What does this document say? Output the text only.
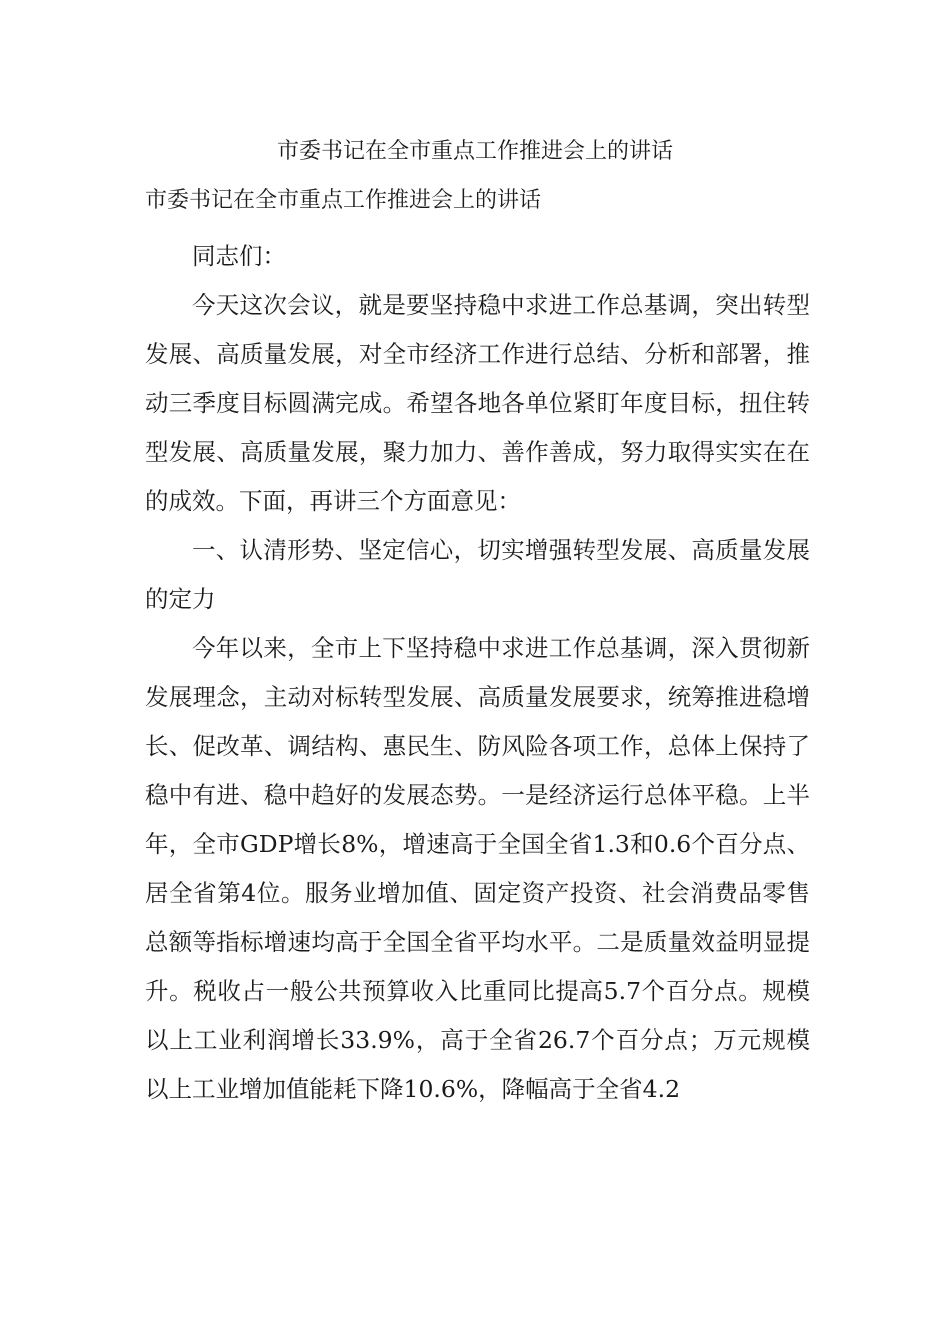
市委书记在全市重点工作推进会上的讲话
市委书记在全市重点工作推进会上的讲话

同志们：

今天这次会议，就是要坚持稳中求进工作总基调，突出转型发展、高质量发展，对全市经济工作进行总结、分析和部署，推动三季度目标圆满完成。希望各地各单位紧盯年度目标，扭住转型发展、高质量发展，聚力加力、善作善成，努力取得实实在在的成效。下面，再讲三个方面意见：

一、认清形势、坚定信心，切实增强转型发展、高质量发展的定力

今年以来，全市上下坚持稳中求进工作总基调，深入贯彻新发展理念，主动对标转型发展、高质量发展要求，统筹推进稳增长、促改革、调结构、惠民生、防风险各项工作，总体上保持了稳中有进、稳中趋好的发展态势。一是经济运行总体平稳。上半年，全市GDP增长8%，增速高于全国全省1.3和0.6个百分点、居全省第4位。服务业增加值、固定资产投资、社会消费品零售总额等指标增速均高于全国全省平均水平。二是质量效益明显提升。税收占一般公共预算收入比重同比提高5.7个百分点。规模以上工业利润增长33.9%，高于全省26.7个百分点；万元规模以上工业增加值能耗下降10.6%，降幅高于全省4.2
